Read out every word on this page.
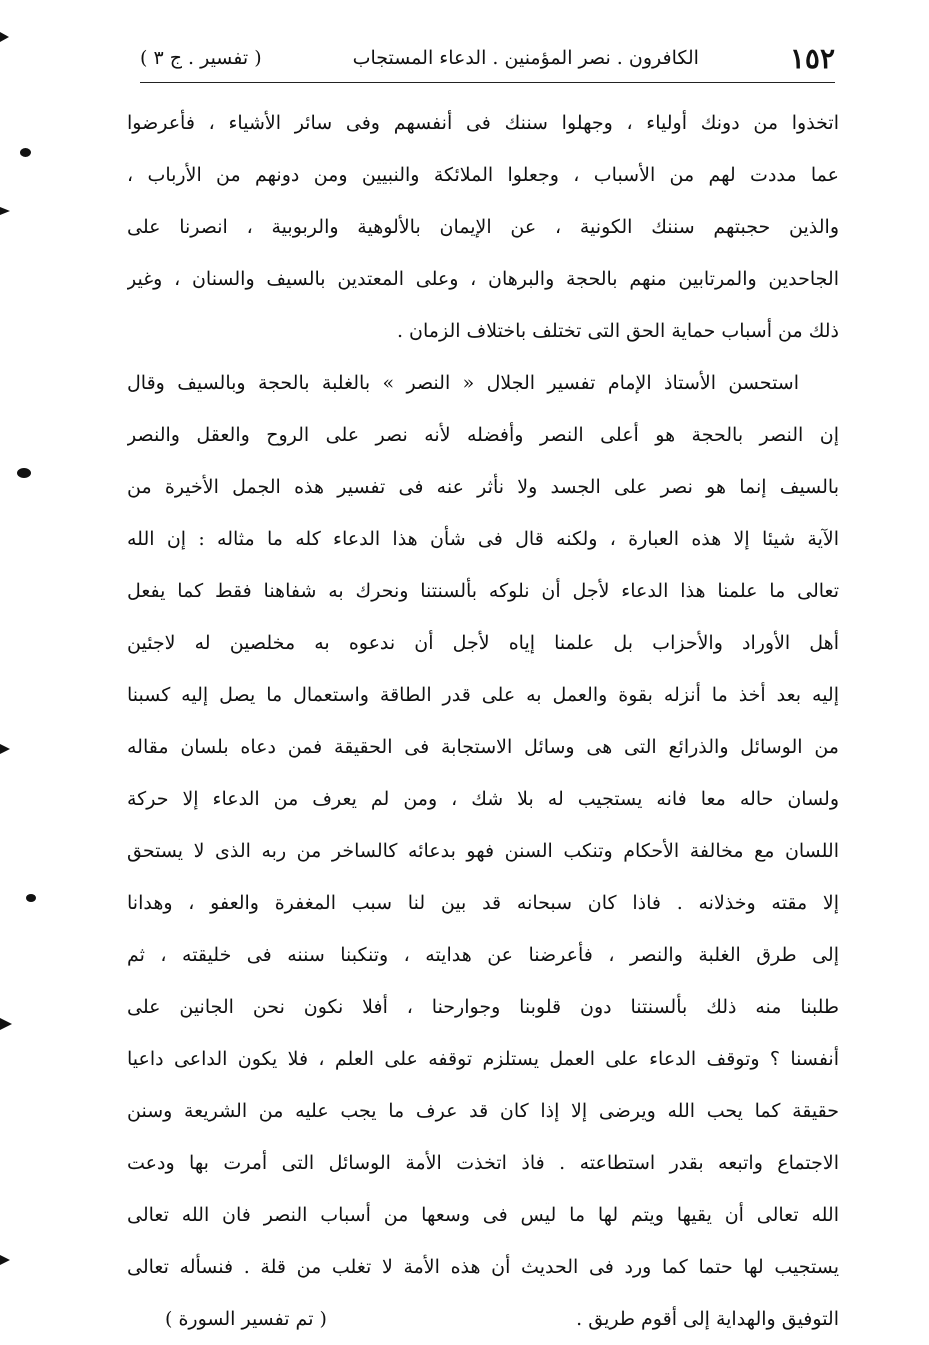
١٥٢
الكافرون . نصر المؤمنين . الدعاء المستجاب
( تفسير . ج ٣ )
اتخذوا من دونك أولياء ، وجهلوا سننك فى أنفسهم وفى سائر الأشياء ، فأعرضوا
عما مددت لهم من الأسباب ، وجعلوا الملائكة والنبيين ومن دونهم من الأرباب ،
والذين حجبتهم سننك الكونية ، عن الإيمان بالألوهية والربوبية ، انصرنا على
الجاحدين والمرتابين منهم بالحجة والبرهان ، وعلى المعتدين بالسيف والسنان ، وغير
ذلك من أسباب حماية الحق التى تختلف باختلاف الزمان .
استحسن الأستاذ الإمام تفسير الجلال « النصر » بالغلبة بالحجة وبالسيف وقال
إن النصر بالحجة هو أعلى النصر وأفضله لأنه نصر على الروح والعقل والنصر
بالسيف إنما هو نصر على الجسد ولا نأثر عنه فى تفسير هذه الجمل الأخيرة من
الآية شيئا إلا هذه العبارة ، ولكنه قال فى شأن هذا الدعاء كله ما مثاله : إن الله
تعالى ما علمنا هذا الدعاء لأجل أن نلوكه بألسنتنا ونحرك به شفاهنا فقط كما يفعل
أهل الأوراد والأحزاب بل علمنا إياه لأجل أن ندعوه به مخلصين له لاجئين
إليه بعد أخذ ما أنزله بقوة والعمل به على قدر الطاقة واستعمال ما يصل إليه كسبنا
من الوسائل والذرائع التى هى وسائل الاستجابة فى الحقيقة فمن دعاه بلسان مقاله
ولسان حاله معا فانه يستجيب له بلا شك ، ومن لم يعرف من الدعاء إلا حركة
اللسان مع مخالفة الأحكام وتنكب السنن فهو بدعائه كالساخر من ربه الذى لا يستحق
إلا مقته وخذلانه . فاذا كان سبحانه قد بين لنا سبب المغفرة والعفو ، وهدانا
إلى طرق الغلبة والنصر ، فأعرضنا عن هدايته ، وتنكبنا سننه فى خليقته ، ثم
طلبنا منه ذلك بألسنتنا دون قلوبنا وجوارحنا ، أفلا نكون نحن الجانين على
أنفسنا ؟ وتوقف الدعاء على العمل يستلزم توقفه على العلم ، فلا يكون الداعى داعيا
حقيقة كما يحب الله ويرضى إلا إذا كان قد عرف ما يجب عليه من الشريعة وسنن
الاجتماع واتبعه بقدر استطاعته . فاذ اتخذت الأمة الوسائل التى أمرت بها ودعت
الله تعالى أن يقيها ويتم لها ما ليس فى وسعها من أسباب النصر فان الله تعالى
يستجيب لها حتما كما ورد فى الحديث أن هذه الأمة لا تغلب من قلة . فنسأله تعالى
التوفيق والهداية إلى أقوم طريق .
( تم تفسير السورة )
